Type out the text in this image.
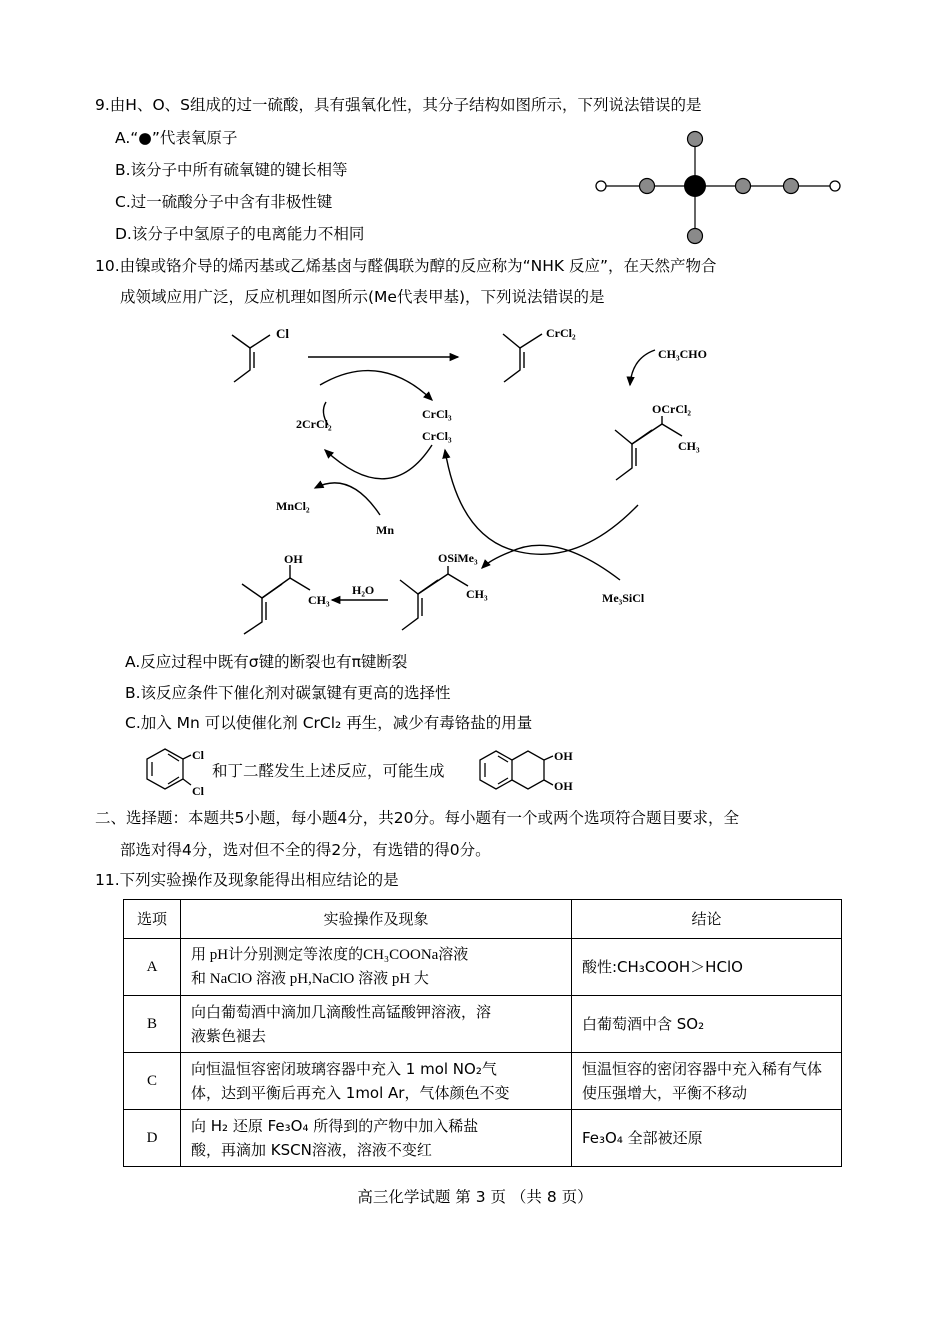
9.由H、O、S组成的过一硫酸，具有强氧化性，其分子结构如图所示，下列说法错误的是
A.“●”代表氧原子
B.该分子中所有硫氧键的键长相等
C.过一硫酸分子中含有非极性键
D.该分子中氢原子的电离能力不相同
10.由镍或铬介导的烯丙基或乙烯基卤与醛偶联为醇的反应称为“NHK 反应”，在天然产物合
成领域应用广泛，反应机理如图所示(Me代表甲基)，下列说法错误的是
Cl	CrCl₂
CH₃CHO
OCrCl₂
CH₃
CrCl₃
CrCl₃
2CrCl₂
MnCl₂
Mn
Me₃SiCl
OSiMe₃
CH₃
H₂O
OH
CH₃
A.反应过程中既有σ键的断裂也有π键断裂
B.该反应条件下催化剂对碳氯键有更高的选择性
C.加入 Mn 可以使催化剂 CrCl₂ 再生，减少有毒铬盐的用量
Cl
Cl
和丁二醛发生上述反应，可能生成
OH
OH
二、选择题：本题共5小题，每小题4分，共20分。每小题有一个或两个选项符合题目要求，全
部选对得4分，选对但不全的得2分，有选错的得0分。
11.下列实验操作及现象能得出相应结论的是
选项	实验操作及现象	结论
A	用 pH计分别测定等浓度的CH₃COONa溶液
和 NaClO 溶液 pH,NaClO 溶液 pH 大	酸性:CH₃COOH＞HClO
B	向白葡萄酒中滴加几滴酸性高锰酸钾溶液，溶
液紫色褪去	白葡萄酒中含 SO₂
C	向恒温恒容密闭玻璃容器中充入 1 mol NO₂气
体，达到平衡后再充入 1mol Ar，气体颜色不变	恒温恒容的密闭容器中充入稀有气体使压强增大，平衡不移动
D	向 H₂ 还原 Fe₃O₄ 所得到的产物中加入稀盐
酸，再滴加 KSCN溶液，溶液不变红	Fe₃O₄ 全部被还原
高三化学试题 第 3 页 （共 8 页）
